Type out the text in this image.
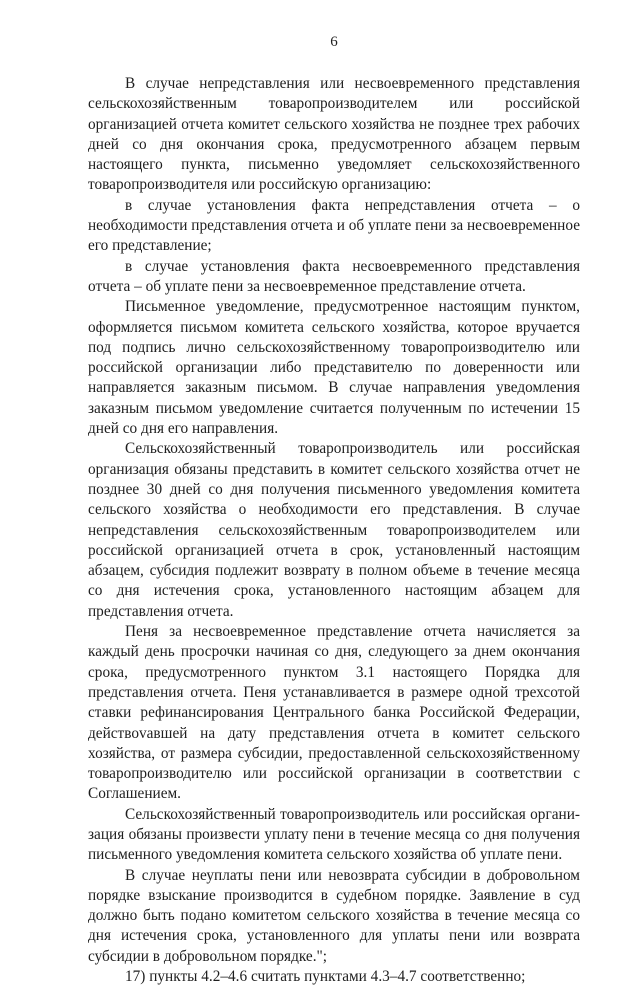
6

В случае непредставления или несвоевременного представления сельскохозяйственным товаропроизводителем или российской организацией отчета комитет сельского хозяйства не позднее трех рабочих дней со дня окончания срока, предусмотренного абзацем первым настоящего пункта, письменно уведомляет сельскохозяйственного товаропроизводителя или российскую организацию:

в случае установления факта непредставления отчета – о необходимости представления отчета и об уплате пени за несвоевременное его представление;

в случае установления факта несвоевременного представления отчета – об уплате пени за несвоевременное представление отчета.

Письменное уведомление, предусмотренное настоящим пунктом, оформляется письмом комитета сельского хозяйства, которое вручается под подпись лично сельскохозяйственному товаропроизводителю или российской организации либо представителю по доверенности или направляется заказным письмом. В случае направления уведомления заказным письмом уведомление считается полученным по истечении 15 дней со дня его направления.

Сельскохозяйственный товаропроизводитель или российская организация обязаны представить в комитет сельского хозяйства отчет не позднее 30 дней со дня получения письменного уведомления комитета сельского хозяйства о необходимости его представления. В случае непредставления сельскохозяйственным товаропроизводителем или российской организацией отчета в срок, установленный настоящим абзацем, субсидия подлежит возврату в полном объеме в течение месяца со дня истечения срока, установленного настоящим абзацем для представления отчета.

Пеня за несвоевременное представление отчета начисляется за каждый день просрочки начиная со дня, следующего за днем окончания срока, предусмотренного пунктом 3.1 настоящего Порядка для представления отчета. Пеня устанавливается в размере одной трехсотой ставки рефинансирования Центрального банка Российской Федерации, действоvавшей на дату представления отчета в комитет сельского хозяйства, от размера субсидии, предоставленной сельскохозяйственному товаропроизводителю или российской организации в соответствии с Соглашением.

Сельскохозяйственный товаропроизводитель или российская организация обязаны произвести уплату пени в течение месяца со дня получения письменного уведомления комитета сельского хозяйства об уплате пени.

В случае неуплаты пени или невозврата субсидии в добровольном порядке взыскание производится в судебном порядке. Заявление в суд должно быть подано комитетом сельского хозяйства в течение месяца со дня истечения срока, установленного для уплаты пени или возврата субсидии в добровольном порядке.";

17) пункты 4.2–4.6 считать пунктами 4.3–4.7 соответственно;
